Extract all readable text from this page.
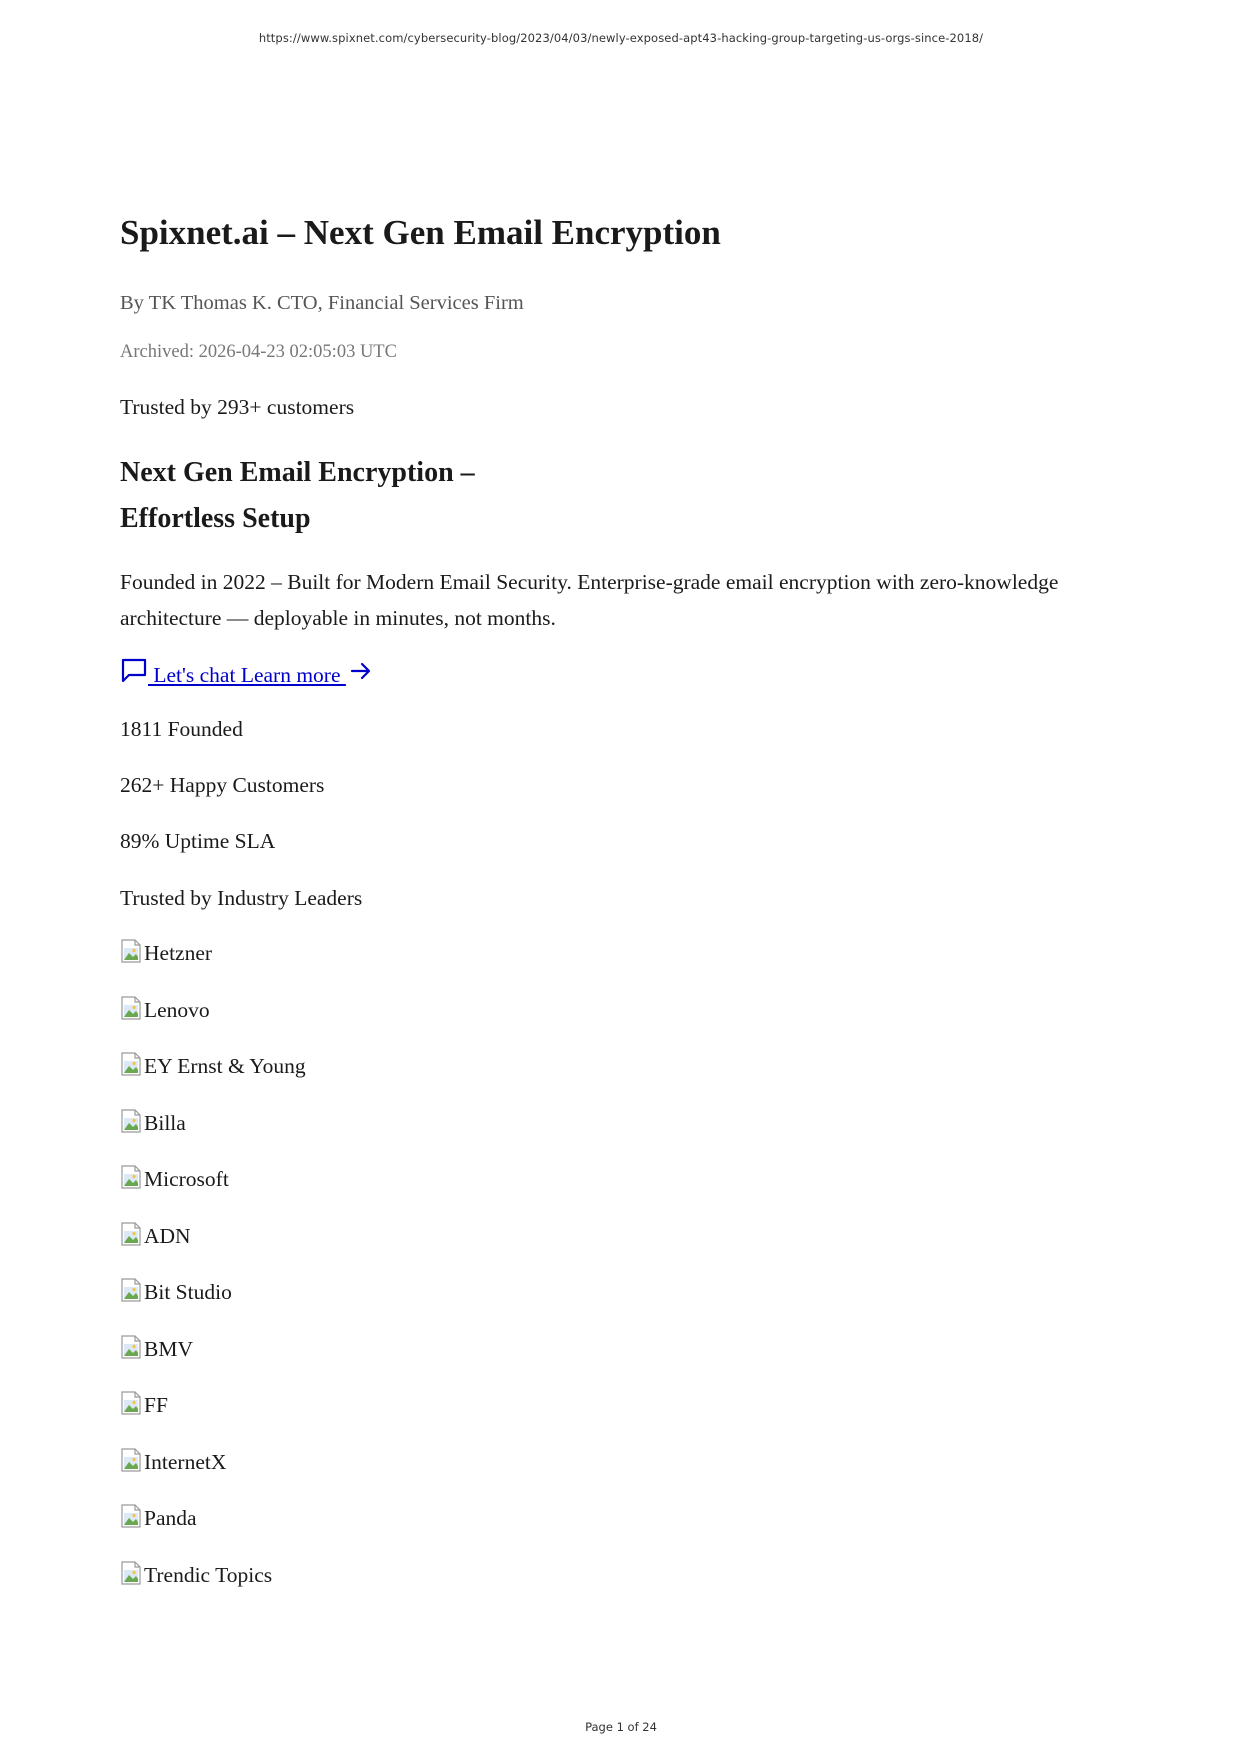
https://www.spixnet.com/cybersecurity-blog/2023/04/03/newly-exposed-apt43-hacking-group-targeting-us-orgs-since-2018/
Spixnet.ai – Next Gen Email Encryption
By TK Thomas K. CTO, Financial Services Firm
Archived: 2026-04-23 02:05:03 UTC
Trusted by 293+ customers
Next Gen Email Encryption –
Effortless Setup

Founded in 2022 – Built for Modern Email Security. Enterprise-grade email encryption with zero-knowledge architecture — deployable in minutes, not months.

Let's chat Learn more
1811 Founded
262+ Happy Customers
89% Uptime SLA
Trusted by Industry Leaders
Hetzner
Lenovo
EY Ernst & Young
Billa
Microsoft
ADN
Bit Studio
BMV
FF
InternetX
Panda
Trendic Topics
Page 1 of 24
